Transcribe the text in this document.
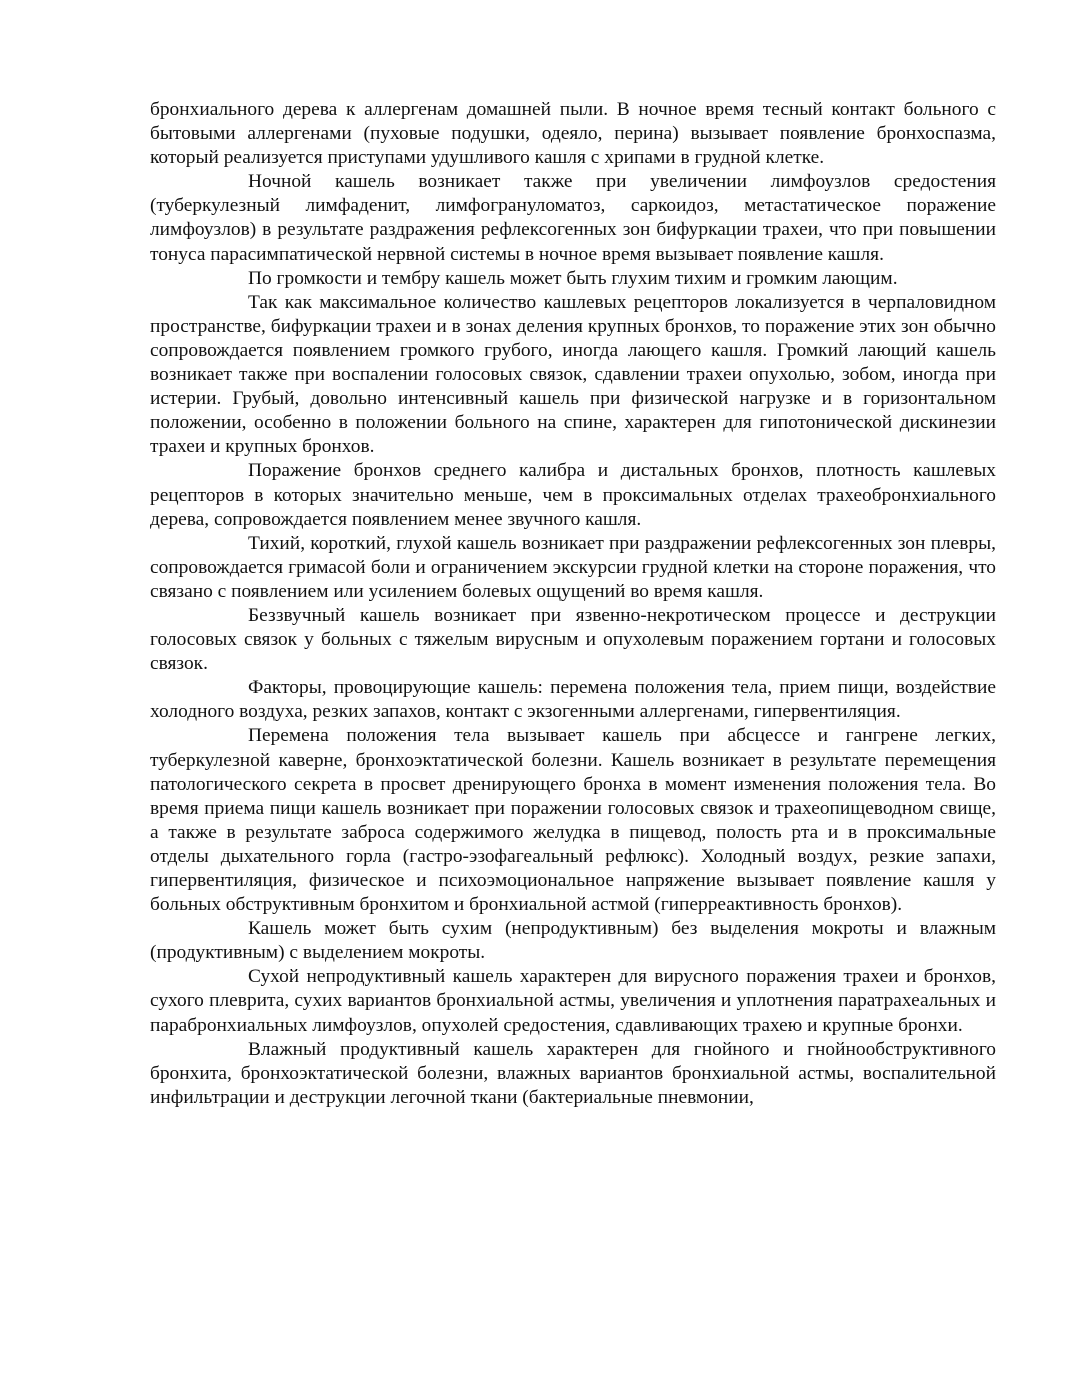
бронхиального дерева к аллергенам домашней пыли. В ночное время тесный контакт больного с бытовыми аллергенами (пуховые подушки, одеяло, перина) вызывает появление бронхоспазма, который реализуется приступами удушливого кашля с хрипами в грудной клетке.

Ночной кашель возникает также при увеличении лимфоузлов средостения (туберкулезный лимфаденит, лимфогрануломатоз, саркоидоз, метастатическое поражение лимфоузлов) в результате раздражения рефлексогенных зон бифуркации трахеи, что при повышении тонуса парасимпатической нервной системы в ночное время вызывает появление кашля.

По громкости и тембру кашель может быть глухим тихим и громким лающим.

Так как максимальное количество кашлевых рецепторов локализуется в черпаловидном пространстве, бифуркации трахеи и в зонах деления крупных бронхов, то поражение этих зон обычно сопровождается появлением громкого грубого, иногда лающего кашля. Громкий лающий кашель возникает также при воспалении голосовых связок, сдавлении трахеи опухолью, зобом, иногда при истерии. Грубый, довольно интенсивный кашель при физической нагрузке и в горизонтальном положении, особенно в положении больного на спине, характерен для гипотонической дискинезии трахеи и крупных бронхов.

Поражение бронхов среднего калибра и дистальных бронхов, плотность кашлевых рецепторов в которых значительно меньше, чем в проксимальных отделах трахеобронхиального дерева, сопровождается появлением менее звучного кашля.

Тихий, короткий, глухой кашель возникает при раздражении рефлексогенных зон плевры, сопровождается гримасой боли и ограничением экскурсии грудной клетки на стороне поражения, что связано с появлением или усилением болевых ощущений во время кашля.

Беззвучный кашель возникает при язвенно-некротическом процессе и деструкции голосовых связок у больных с тяжелым вирусным и опухолевым поражением гортани и голосовых связок.

Факторы, провоцирующие кашель: перемена положения тела, прием пищи, воздействие холодного воздуха, резких запахов, контакт с экзогенными аллергенами, гипервентиляция.

Перемена положения тела вызывает кашель при абсцессе и гангрене легких, туберкулезной каверне, бронхоэктатической болезни. Кашель возникает в результате перемещения патологического секрета в просвет дренирующего бронха в момент изменения положения тела. Во время приема пищи кашель возникает при поражении голосовых связок и трахеопищеводном свище, а также в результате заброса содержимого желудка в пищевод, полость рта и в проксимальные отделы дыхательного горла (гастро-эзофагеальный рефлюкс). Холодный воздух, резкие запахи, гипервентиляция, физическое и психоэмоциональное напряжение вызывает появление кашля у больных обструктивным бронхитом и бронхиальной астмой (гиперреактивность бронхов).

Кашель может быть сухим (непродуктивным) без выделения мокроты и влажным (продуктивным) с выделением мокроты.

Сухой непродуктивный кашель характерен для вирусного поражения трахеи и бронхов, сухого плеврита, сухих вариантов бронхиальной астмы, увеличения и уплотнения паратрахеальных и парабронхиальных лимфоузлов, опухолей средостения, сдавливающих трахею и крупные бронхи.

Влажный продуктивный кашель характерен для гнойного и гнойнообструктивного бронхита, бронхоэктатической болезни, влажных вариантов бронхиальной астмы, воспалительной инфильтрации и деструкции легочной ткани (бактериальные пневмонии,
